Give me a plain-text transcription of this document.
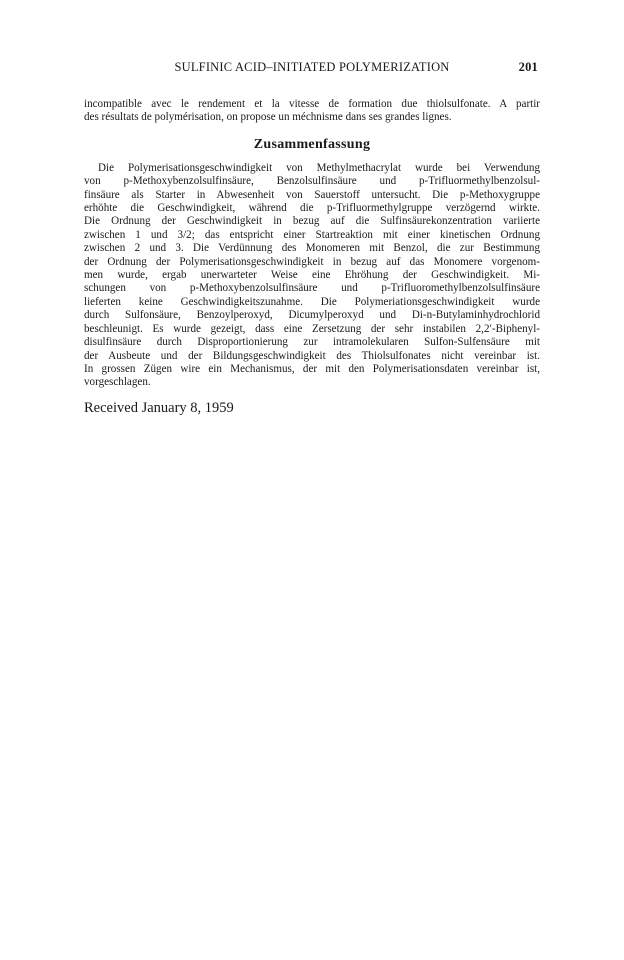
SULFINIC ACID–INITIATED POLYMERIZATION	201

incompatible avec le rendement et la vitesse de formation due thiolsulfonate. A partir
des résultats de polymérisation, on propose un méchnisme dans ses grandes lignes.

Zusammenfassung

Die Polymerisationsgeschwindigkeit von Methylmethacrylat wurde bei Verwendung
von p-Methoxybenzolsulfinsäure, Benzolsulfinsäure und p-Trifluormethylbenzolsul-
finsäure als Starter in Abwesenheit von Sauerstoff untersucht. Die p-Methoxygruppe
erhöhte die Geschwindigkeit, während die p-Trifluormethylgruppe verzögernd wirkte.
Die Ordnung der Geschwindigkeit in bezug auf die Sulfinsäurekonzentration variierte
zwischen 1 und 3/2; das entspricht einer Startreaktion mit einer kinetischen Ordnung
zwischen 2 und 3. Die Verdünnung des Monomeren mit Benzol, die zur Bestimmung
der Ordnung der Polymerisationsgeschwindigkeit in bezug auf das Monomere vorgenom-
men wurde, ergab unerwarteter Weise eine Ehröhung der Geschwindigkeit. Mi-
schungen von p-Methoxybenzolsulfinsäure und p-Trifluoromethylbenzolsulfinsäure
lieferten keine Geschwindigkeitszunahme. Die Polymeriationsgeschwindigkeit wurde
durch Sulfonsäure, Benzoylperoxyd, Dicumylperoxyd und Di-n-Butylaminhydrochlorid
beschleunigt. Es wurde gezeigt, dass eine Zersetzung der sehr instabilen 2,2′-Biphenyl-
disulfinsäure durch Disproportionierung zur intramolekularen Sulfon-Sulfensäure mit
der Ausbeute und der Bildungsgeschwindigkeit des Thiolsulfonates nicht vereinbar ist.
In grossen Zügen wire ein Mechanismus, der mit den Polymerisationsdaten vereinbar ist,
vorgeschlagen.

Received January 8, 1959
